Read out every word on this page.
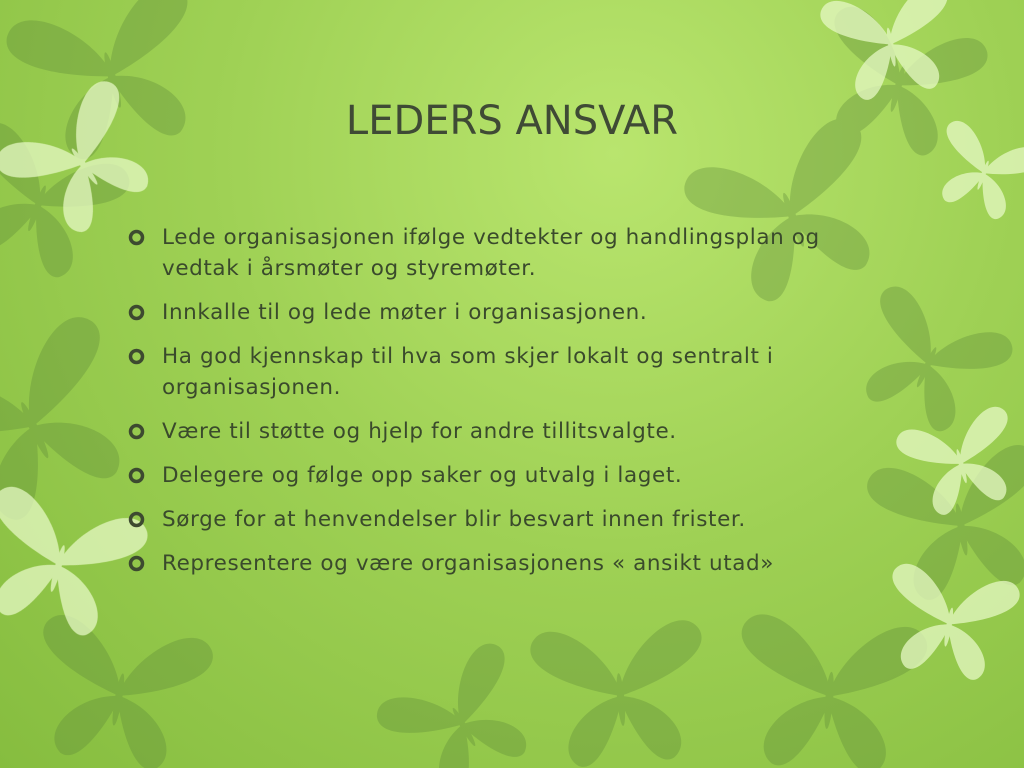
LEDERS ANSVAR
Lede organisasjonen ifølge vedtekter og handlingsplan og vedtak i årsmøter og styremøter.
Innkalle til og lede møter i organisasjonen.
Ha god kjennskap til hva som skjer lokalt og sentralt i organisasjonen.
Være til støtte og hjelp for andre tillitsvalgte.
Delegere og følge opp saker og utvalg i laget.
Sørge for at henvendelser blir besvart innen frister.
Representere og være organisasjonens « ansikt utad»
